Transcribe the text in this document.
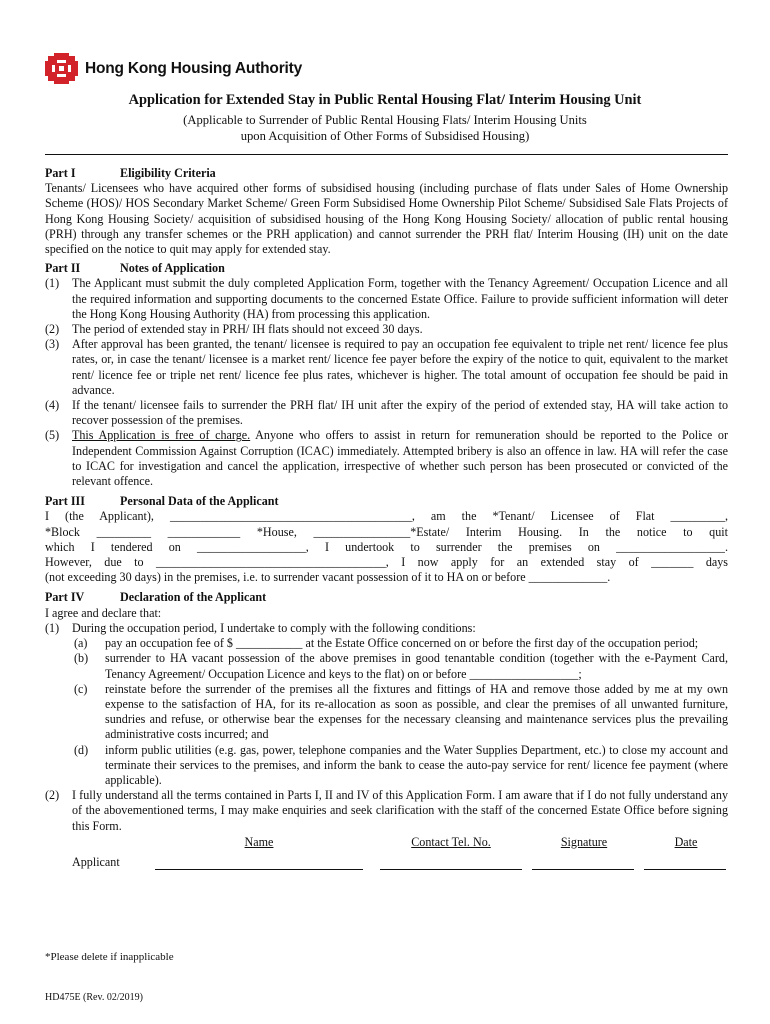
Hong Kong Housing Authority
Application for Extended Stay in Public Rental Housing Flat/ Interim Housing Unit
(Applicable to Surrender of Public Rental Housing Flats/ Interim Housing Units
upon Acquisition of Other Forms of Subsidised Housing)
Part I	Eligibility Criteria
Tenants/ Licensees who have acquired other forms of subsidised housing (including purchase of flats under Sales of Home Ownership Scheme (HOS)/ HOS Secondary Market Scheme/ Green Form Subsidised Home Ownership Pilot Scheme/ Subsidised Sale Flats Projects of Hong Kong Housing Society/ acquisition of subsidised housing of the Hong Kong Housing Society/ allocation of public rental housing (PRH) through any transfer schemes or the PRH application) and cannot surrender the PRH flat/ Interim Housing (IH) unit on the date specified on the notice to quit may apply for extended stay.
Part II	Notes of Application
(1)	The Applicant must submit the duly completed Application Form, together with the Tenancy Agreement/ Occupation Licence and all the required information and supporting documents to the concerned Estate Office. Failure to provide sufficient information will deter the Hong Kong Housing Authority (HA) from processing this application.
(2)	The period of extended stay in PRH/ IH flats should not exceed 30 days.
(3)	After approval has been granted, the tenant/ licensee is required to pay an occupation fee equivalent to triple net rent/ licence fee plus rates, or, in case the tenant/ licensee is a market rent/ licence fee payer before the expiry of the notice to quit, equivalent to the market rent/ licence fee or triple net rent/ licence fee plus rates, whichever is higher. The total amount of occupation fee should be paid in advance.
(4)	If the tenant/ licensee fails to surrender the PRH flat/ IH unit after the expiry of the period of extended stay, HA will take action to recover possession of the premises.
(5)	This Application is free of charge. Anyone who offers to assist in return for remuneration should be reported to the Police or Independent Commission Against Corruption (ICAC) immediately. Attempted bribery is also an offence in law. HA will refer the case to ICAC for investigation and cancel the application, irrespective of whether such person has been prosecuted or convicted of the relevant offence.
Part III	Personal Data of the Applicant
I (the Applicant), ________________________________________, am the *Tenant/ Licensee of Flat _________,
*Block _________ ____________ *House, ________________*Estate/ Interim Housing. In the notice to quit
which I tendered on __________________, I undertook to surrender the premises on __________________.
However, due to ______________________________________, I now apply for an extended stay of _______ days
(not exceeding 30 days) in the premises, i.e. to surrender vacant possession of it to HA on or before _____________.
Part IV	Declaration of the Applicant
I agree and declare that:
(1)	During the occupation period, I undertake to comply with the following conditions:
(a)	pay an occupation fee of $ ___________ at the Estate Office concerned on or before the first day of the occupation period;
(b)	surrender to HA vacant possession of the above premises in good tenantable condition (together with the e-Payment Card, Tenancy Agreement/ Occupation Licence and keys to the flat) on or before __________________;
(c)	reinstate before the surrender of the premises all the fixtures and fittings of HA and remove those added by me at my own expense to the satisfaction of HA, for its re-allocation as soon as possible, and clear the premises of all unwanted furniture, sundries and refuse, or otherwise bear the expenses for the necessary cleansing and maintenance services plus the prevailing administrative costs incurred; and
(d)	inform public utilities (e.g. gas, power, telephone companies and the Water Supplies Department, etc.) to close my account and terminate their services to the premises, and inform the bank to cease the auto-pay service for rent/ licence fee payment (where applicable).
(2)	I fully understand all the terms contained in Parts I, II and IV of this Application Form. I am aware that if I do not fully understand any of the abovementioned terms, I may make enquiries and seek clarification with the staff of the concerned Estate Office before signing this Form.
Name	Contact Tel. No.	Signature	Date
Applicant
*Please delete if inapplicable
HD475E (Rev. 02/2019)
